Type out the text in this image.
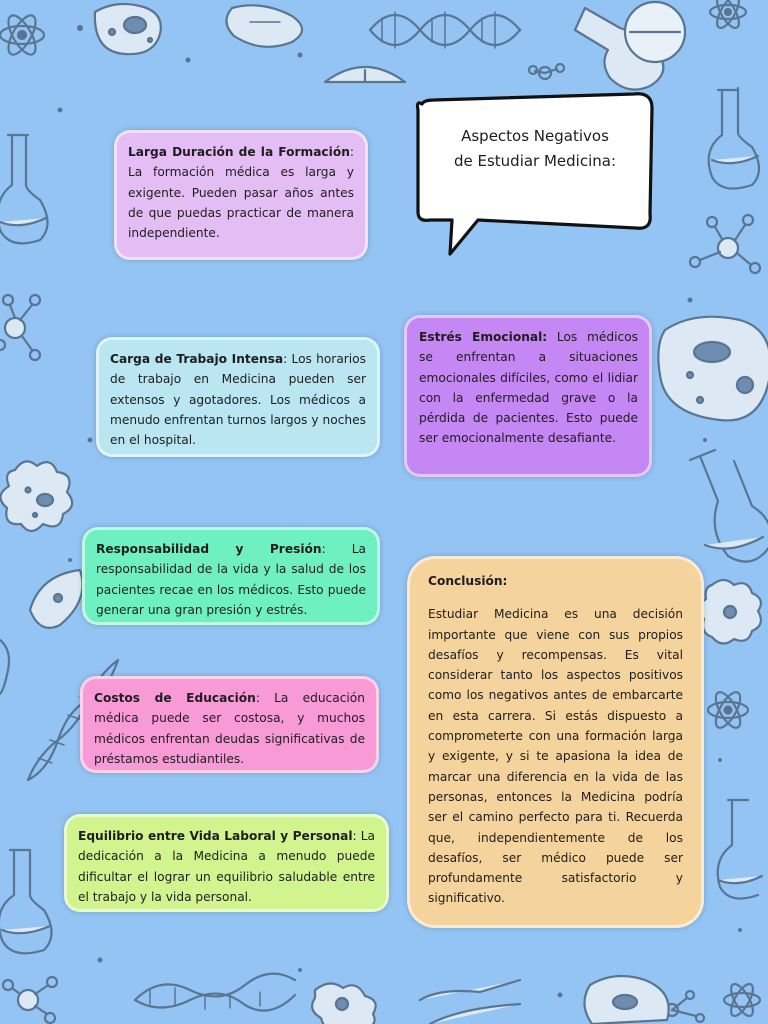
Aspectos Negativos
de Estudiar Medicina:
Larga Duración de la Formación: La formación médica es larga y exigente. Pueden pasar años antes de que puedas practicar de manera independiente.
Carga de Trabajo Intensa: Los horarios de trabajo en Medicina pueden ser extensos y agotadores. Los médicos a menudo enfrentan turnos largos y noches en el hospital.
Estrés Emocional: Los médicos se enfrentan a situaciones emocionales difíciles, como el lidiar con la enfermedad grave o la pérdida de pacientes. Esto puede ser emocionalmente desafiante.
Responsabilidad y Presión: La responsabilidad de la vida y la salud de los pacientes recae en los médicos. Esto puede generar una gran presión y estrés.
Costos de Educación: La educación médica puede ser costosa, y muchos médicos enfrentan deudas significativas de préstamos estudiantiles.
Equilibrio entre Vida Laboral y Personal: La dedicación a la Medicina a menudo puede dificultar el lograr un equilibrio saludable entre el trabajo y la vida personal.
Conclusión:
Estudiar Medicina es una decisión importante que viene con sus propios desafíos y recompensas. Es vital considerar tanto los aspectos positivos como los negativos antes de embarcarte en esta carrera. Si estás dispuesto a comprometerte con una formación larga y exigente, y si te apasiona la idea de marcar una diferencia en la vida de las personas, entonces la Medicina podría ser el camino perfecto para ti. Recuerda que, independientemente de los desafíos, ser médico puede ser profundamente satisfactorio y significativo.
